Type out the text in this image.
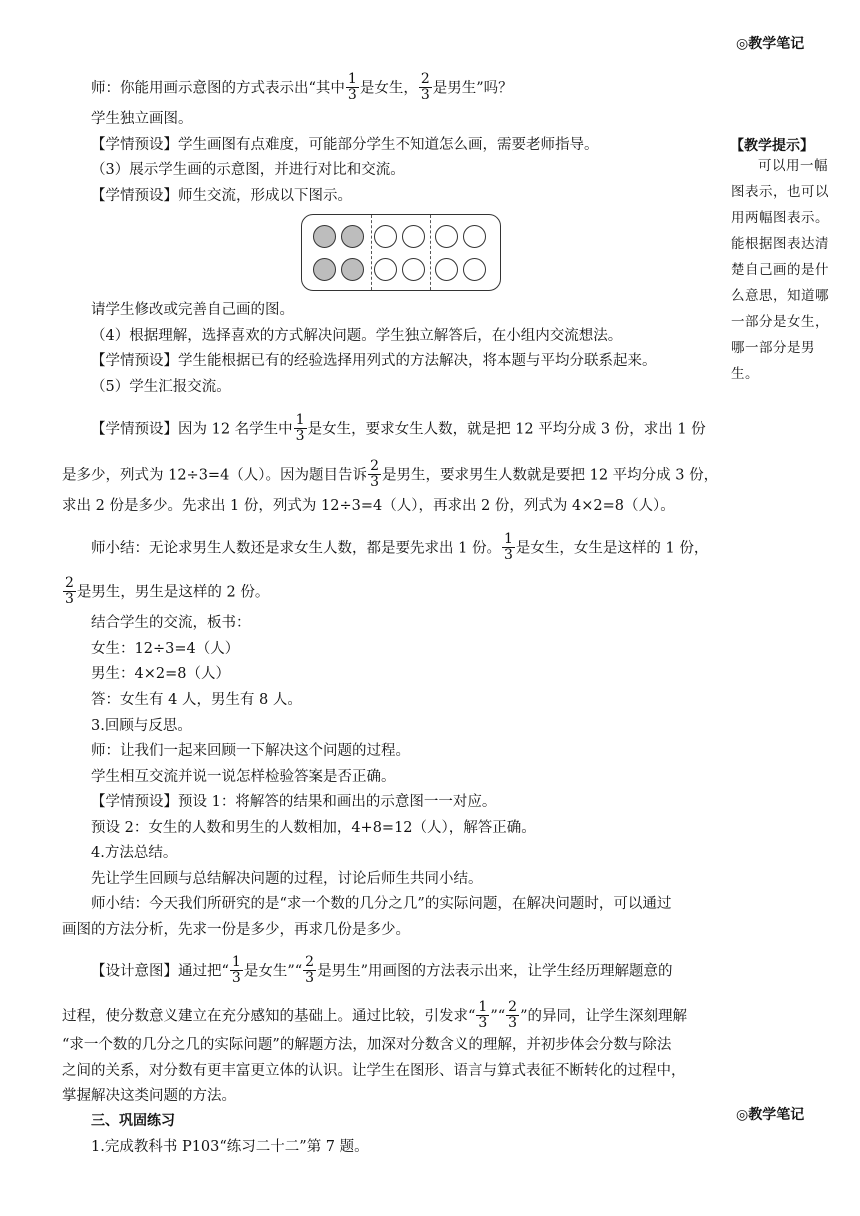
◎教学笔记
【教学提示】
可以用一幅图表示，也可以用两幅图表示。能根据图表达清楚自己画的是什么意思，知道哪一部分是女生，哪一部分是男生。
◎教学笔记
师：你能用画示意图的方式表示出“其中 $\frac{1}{3}$ 是女生， $\frac{2}{3}$ 是男生”吗？
学生独立画图。
【学情预设】学生画图有点难度，可能部分学生不知道怎么画，需要老师指导。
（3）展示学生画的示意图，并进行对比和交流。
【学情预设】师生交流，形成以下图示。
请学生修改或完善自己画的图。
（4）根据理解，选择喜欢的方式解决问题。学生独立解答后，在小组内交流想法。
【学情预设】学生能根据已有的经验选择用列式的方法解决，将本题与平均分联系起来。
（5）学生汇报交流。
【学情预设】因为 12 名学生中 $\frac{1}{3}$ 是女生，要求女生人数，就是把 12 平均分成 3 份，求出 1 份
是多少，列式为 12÷3=4（人）。因为题目告诉 $\frac{2}{3}$ 是男生，要求男生人数就是要把 12 平均分成 3 份，
求出 2 份是多少。先求出 1 份，列式为 12÷3=4（人），再求出 2 份，列式为 4×2=8（人）。
师小结：无论求男生人数还是求女生人数，都是要先求出 1 份。 $\frac{1}{3}$ 是女生，女生是这样的 1 份，
$\frac{2}{3}$ 是男生，男生是这样的 2 份。
结合学生的交流，板书：
女生：12÷3=4（人）
男生：4×2=8（人）
答：女生有 4 人，男生有 8 人。
3.回顾与反思。
师：让我们一起来回顾一下解决这个问题的过程。
学生相互交流并说一说怎样检验答案是否正确。
【学情预设】预设 1：将解答的结果和画出的示意图一一对应。
预设 2：女生的人数和男生的人数相加，4+8=12（人），解答正确。
4.方法总结。
先让学生回顾与总结解决问题的过程，讨论后师生共同小结。
师小结：今天我们所研究的是“求一个数的几分之几”的实际问题，在解决问题时，可以通过
画图的方法分析，先求一份是多少，再求几份是多少。
【设计意图】通过把“ $\frac{1}{3}$ 是女生”“ $\frac{2}{3}$ 是男生”用画图的方法表示出来，让学生经历理解题意的
过程，使分数意义建立在充分感知的基础上。通过比较，引发求“ $\frac{1}{3}$ ”“ $\frac{2}{3}$ ”的异同，让学生深刻理解
“求一个数的几分之几的实际问题”的解题方法，加深对分数含义的理解，并初步体会分数与除法
之间的关系，对分数有更丰富更立体的认识。让学生在图形、语言与算式表征不断转化的过程中，
掌握解决这类问题的方法。
三、巩固练习
1.完成教科书 P103“练习二十二”第 7 题。
